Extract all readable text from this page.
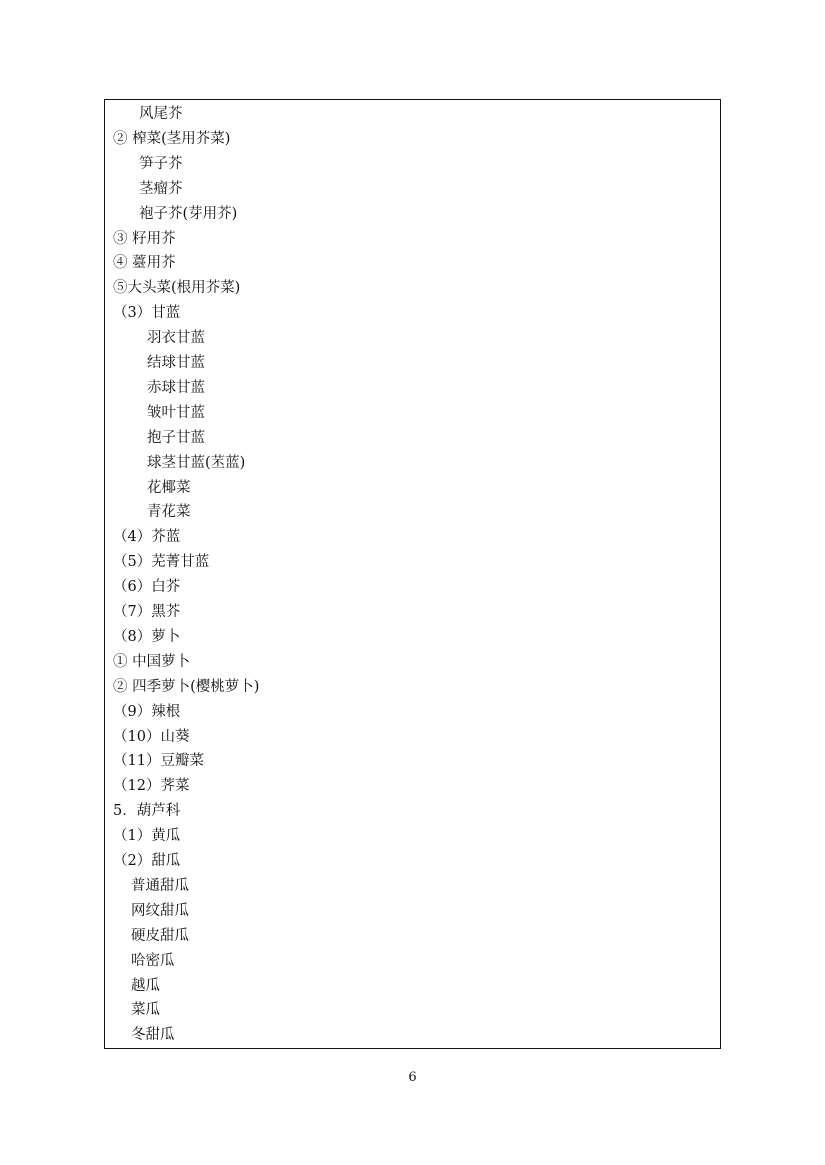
风尾芥
② 榨菜(茎用芥菜)
笋子芥
茎瘤芥
袍子芥(芽用芥)
③ 籽用芥
④ 薹用芥
⑤大头菜(根用芥菜)
（3）甘蓝
羽衣甘蓝
结球甘蓝
赤球甘蓝
皱叶甘蓝
抱子甘蓝
球茎甘蓝(苤蓝)
花椰菜
青花菜
（4）芥蓝
（5）芜菁甘蓝
（6）白芥
（7）黑芥
（8）萝卜
① 中国萝卜
② 四季萝卜(樱桃萝卜)
（9）辣根
（10）山葵
（11）豆瓣菜
（12）荠菜
5．葫芦科
（1）黄瓜
（2）甜瓜
普通甜瓜
网纹甜瓜
硬皮甜瓜
哈密瓜
越瓜
菜瓜
冬甜瓜
6
